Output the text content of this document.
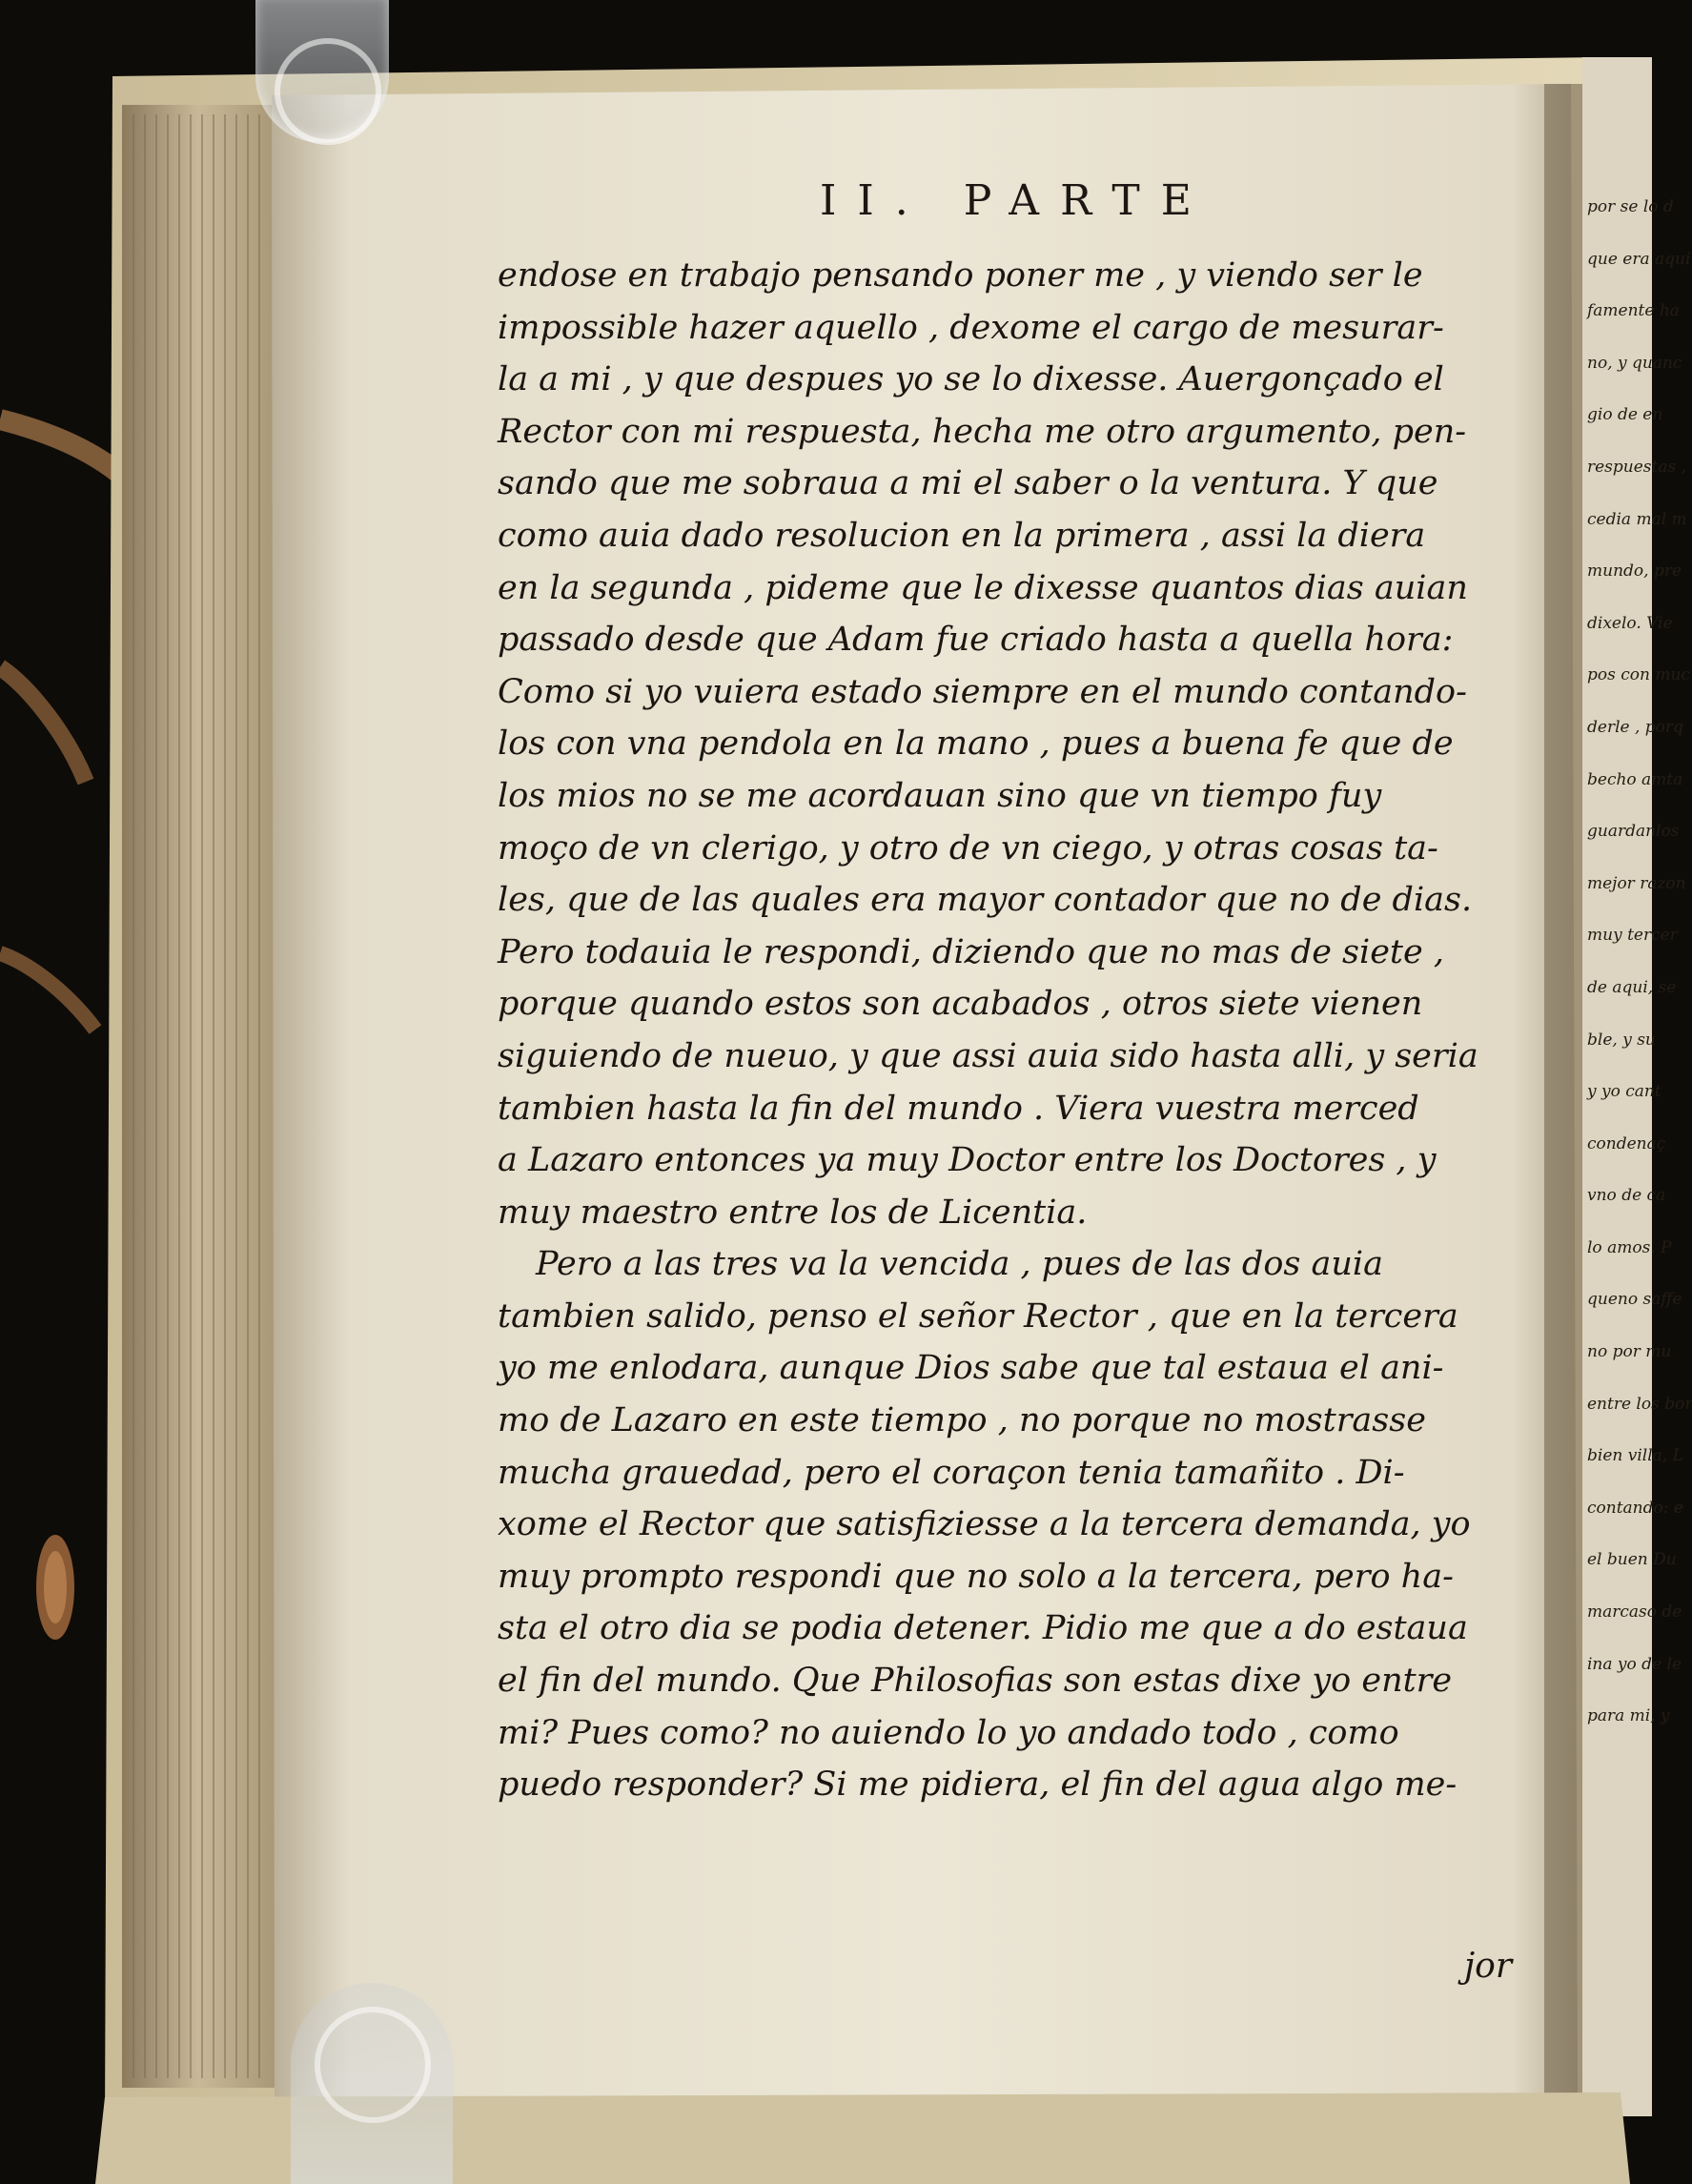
II. PARTE
endose en trabajo pensando poner me , y viendo ser le
impossible hazer aquello , dexome el cargo de mesurar-
la a mi , y que despues yo se lo dixesse. Auergonçado el
Rector con mi respuesta, hecha me otro argumento, pen-
sando que me sobraua a mi el saber o la ventura. Y que
como auia dado resolucion en la primera , assi la diera
en la segunda , pideme que le dixesse quantos dias auian
passado desde que Adam fue criado hasta a quella hora:
Como si yo vuiera estado siempre en el mundo contando-
los con vna pendola en la mano , pues a buena fe que de
los mios no se me acordauan sino que vn tiempo fuy
moço de vn clerigo, y otro de vn ciego, y otras cosas ta-
les, que de las quales era mayor contador que no de dias.
Pero todauia le respondi, diziendo que no mas de siete ,
porque quando estos son acabados , otros siete vienen
siguiendo de nueuo, y que assi auia sido hasta alli, y seria
tambien hasta la fin del mundo . Viera vuestra merced
a Lazaro entonces ya muy Doctor entre los Doctores , y
muy maestro entre los de Licentia.
Pero a las tres va la vencida , pues de las dos auia
tambien salido, penso el señor Rector , que en la tercera
yo me enlodara, aunque Dios sabe que tal estaua el ani-
mo de Lazaro en este tiempo , no porque no mostrasse
mucha grauedad, pero el coraçon tenia tamañito . Di-
xome el Rector que satisfiziesse a la tercera demanda, yo
muy prompto respondi que no solo a la tercera, pero ha-
sta el otro dia se podia detener. Pidio me que a do estaua
el fin del mundo. Que Philosofias son estas dixe yo entre
mi? Pues como? no auiendo lo yo andado todo , como
puedo responder? Si me pidiera, el fin del agua algo me-
jor
por se lo d
que era aqui
famente ha
no, y quanc
gio de en
respuestas ,
cedia mal m
mundo, pre
dixelo. Vie
pos con muc
derle , porq
becho amta
guardanlos
mejor razon
muy tercer
de aqui, se
ble, y su
y yo cant
condenaç
vno de ca
lo amos. P
queno saffe
no por mu
entre los bor
bien villa, L
contando: e
el buen Du
marcaso de
ina yo de le
para mi, y
